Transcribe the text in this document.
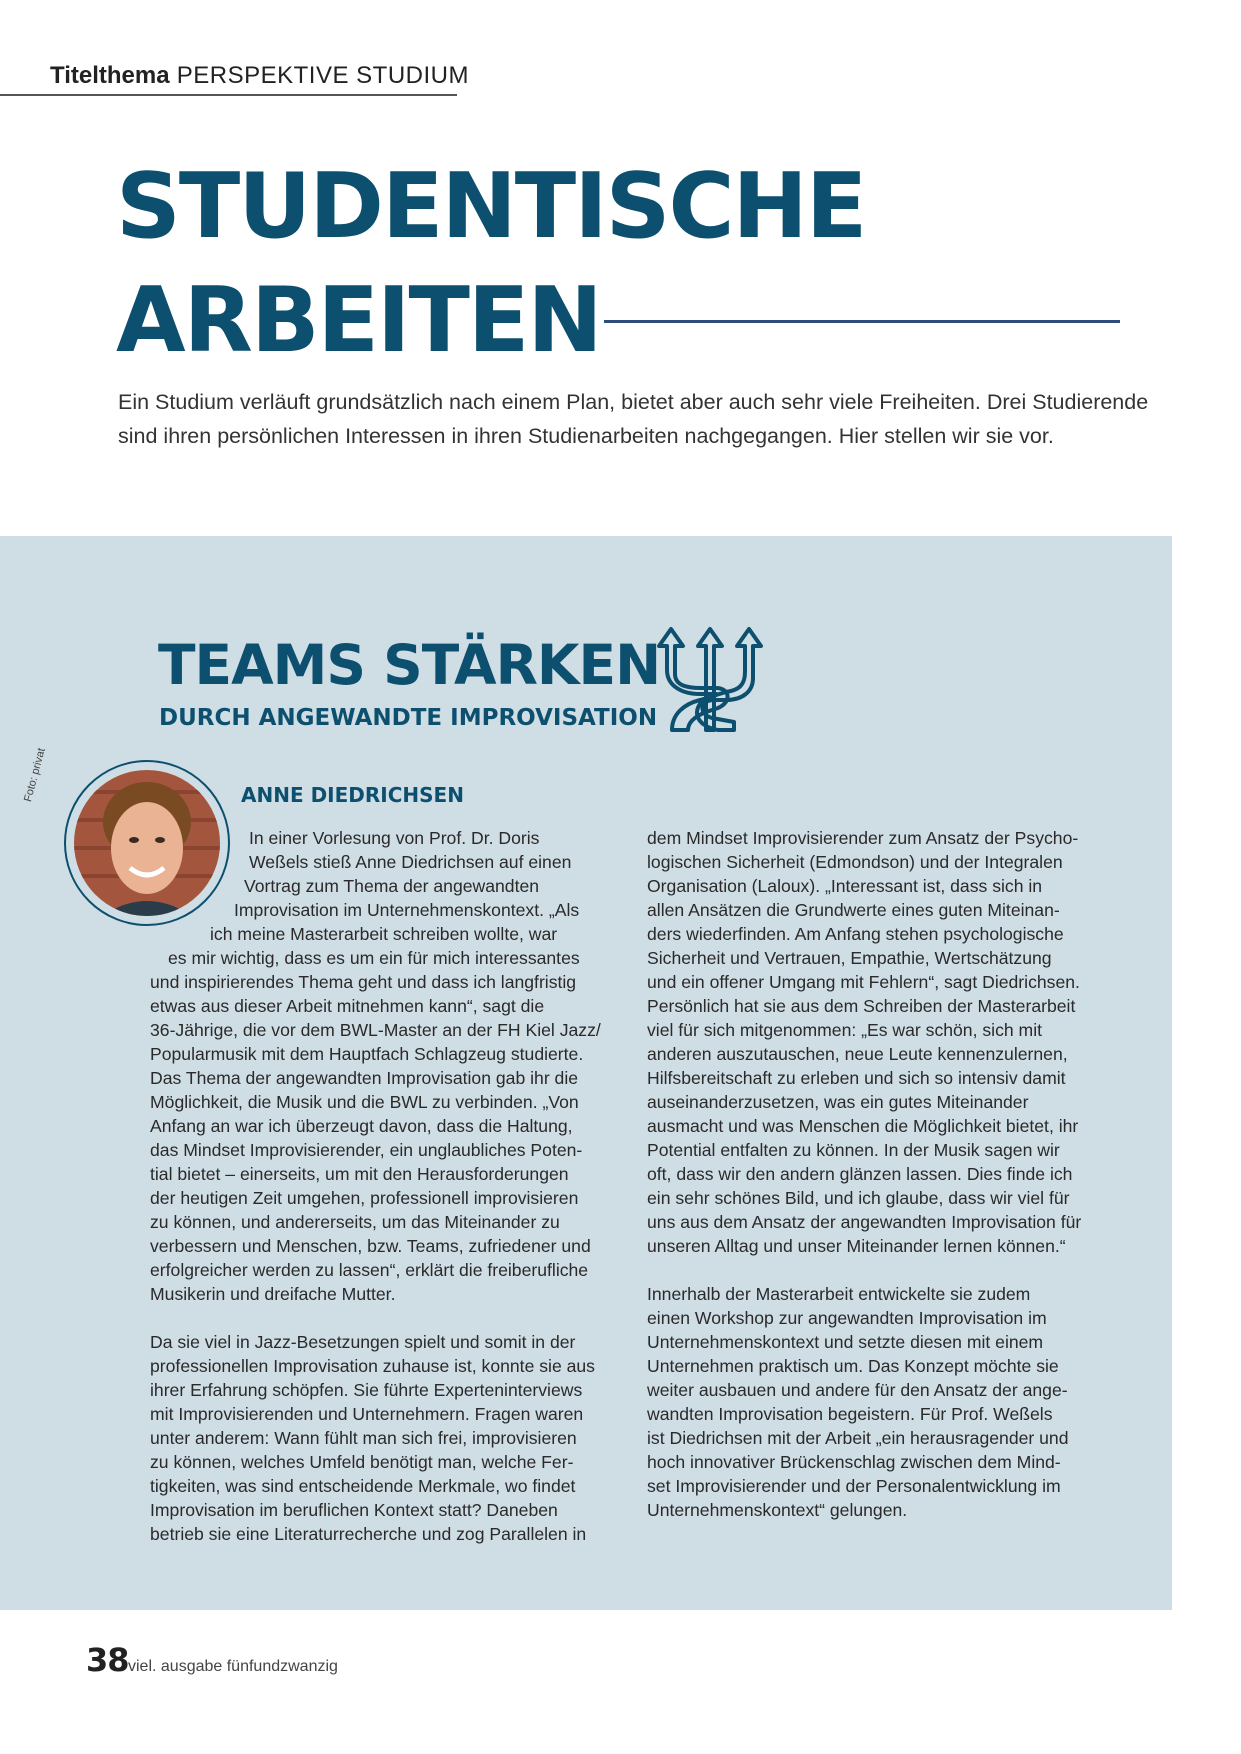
Titelthema PERSPEKTIVE STUDIUM
STUDENTISCHE
ARBEITEN

Ein Studium verläuft grundsätzlich nach einem Plan, bietet aber auch sehr viele Freiheiten. Drei Studierende

sind ihren persönlichen Interessen in ihren Studienarbeiten nachgegangen. Hier stellen wir sie vor.

TEAMS STÄRKEN
DURCH ANGEWANDTE IMPROVISATION
Foto: privat	ANNE DIEDRICHSEN
In einer Vorlesung von Prof. Dr. Doris
Weßels stieß Anne Diedrichsen auf einen
Vortrag zum Thema der angewandten
Improvisation im Unternehmenskontext. „Als
ich meine Masterarbeit schreiben wollte, war
es mir wichtig, dass es um ein für mich interessantes
und inspirierendes Thema geht und dass ich langfristig
etwas aus dieser Arbeit mitnehmen kann“, sagt die
36-Jährige, die vor dem BWL-Master an der FH Kiel Jazz/
Popularmusik mit dem Hauptfach Schlagzeug studierte.
Das Thema der angewandten Improvisation gab ihr die
Möglichkeit, die Musik und die BWL zu verbinden. „Von
Anfang an war ich überzeugt davon, dass die Haltung,
das Mindset Improvisierender, ein unglaubliches Poten-
tial bietet – einerseits, um mit den Herausforderungen
der heutigen Zeit umgehen, professionell improvisieren
zu können, und andererseits, um das Miteinander zu
verbessern und Menschen, bzw. Teams, zufriedener und
erfolgreicher werden zu lassen“, erklärt die freiberufliche
Musikerin und dreifache Mutter.
Da sie viel in Jazz-Besetzungen spielt und somit in der
professionellen Improvisation zuhause ist, konnte sie aus
ihrer Erfahrung schöpfen. Sie führte Experteninterviews
mit Improvisierenden und Unternehmern. Fragen waren
unter anderem: Wann fühlt man sich frei, improvisieren
zu können, welches Umfeld benötigt man, welche Fer-
tigkeiten, was sind entscheidende Merkmale, wo findet
Improvisation im beruflichen Kontext statt? Daneben
betrieb sie eine Literaturrecherche und zog Parallelen in
dem Mindset Improvisierender zum Ansatz der Psycho-
logischen Sicherheit (Edmondson) und der Integralen
Organisation (Laloux). „Interessant ist, dass sich in
allen Ansätzen die Grundwerte eines guten Miteinan-
ders wiederfinden. Am Anfang stehen psychologische
Sicherheit und Vertrauen, Empathie, Wertschätzung
und ein offener Umgang mit Fehlern“, sagt Diedrichsen.
Persönlich hat sie aus dem Schreiben der Masterarbeit
viel für sich mitgenommen: „Es war schön, sich mit
anderen auszutauschen, neue Leute kennenzulernen,
Hilfsbereitschaft zu erleben und sich so intensiv damit
auseinanderzusetzen, was ein gutes Miteinander
ausmacht und was Menschen die Möglichkeit bietet, ihr
Potential entfalten zu können. In der Musik sagen wir
oft, dass wir den andern glänzen lassen. Dies finde ich
ein sehr schönes Bild, und ich glaube, dass wir viel für
uns aus dem Ansatz der angewandten Improvisation für
unseren Alltag und unser Miteinander lernen können.“
Innerhalb der Masterarbeit entwickelte sie zudem
einen Workshop zur angewandten Improvisation im
Unternehmenskontext und setzte diesen mit einem
Unternehmen praktisch um. Das Konzept möchte sie
weiter ausbauen und andere für den Ansatz der ange-
wandten Improvisation begeistern. Für Prof. Weßels
ist Diedrichsen mit der Arbeit „ein herausragender und
hoch innovativer Brückenschlag zwischen dem Mind-
set Improvisierender und der Personalentwicklung im
Unternehmenskontext“ gelungen.
38 viel. ausgabe fünfundzwanzig
